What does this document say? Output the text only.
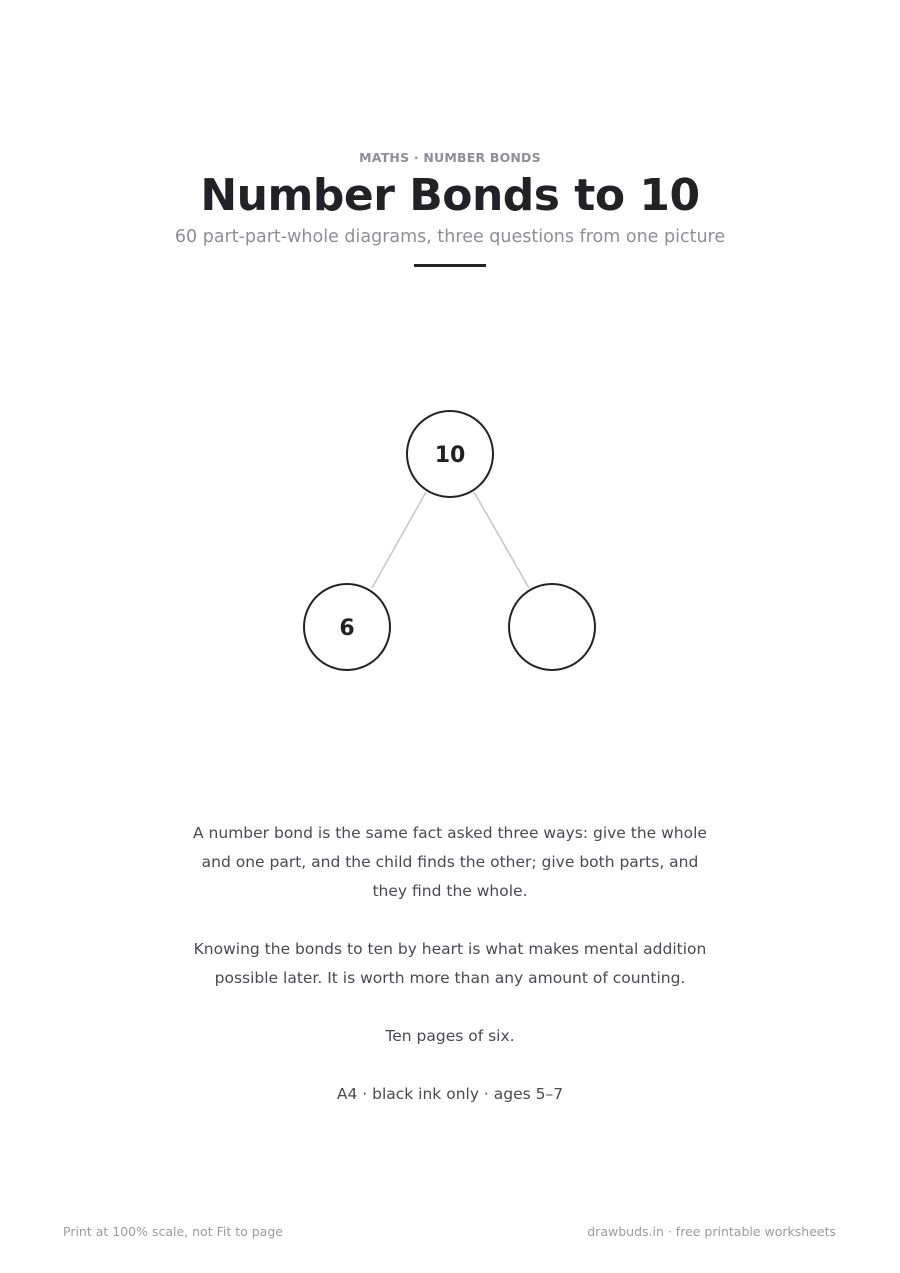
MATHS · NUMBER BONDS
Number Bonds to 10
60 part-part-whole diagrams, three questions from one picture
10
6

A number bond is the same fact asked three ways: give the whole and one part, and the child finds the other; give both parts, and they find the whole.

Knowing the bonds to ten by heart is what makes mental addition possible later. It is worth more than any amount of counting.

Ten pages of six.

A4 · black ink only · ages 5–7

Print at 100% scale, not Fit to page	drawbuds.in · free printable worksheets
